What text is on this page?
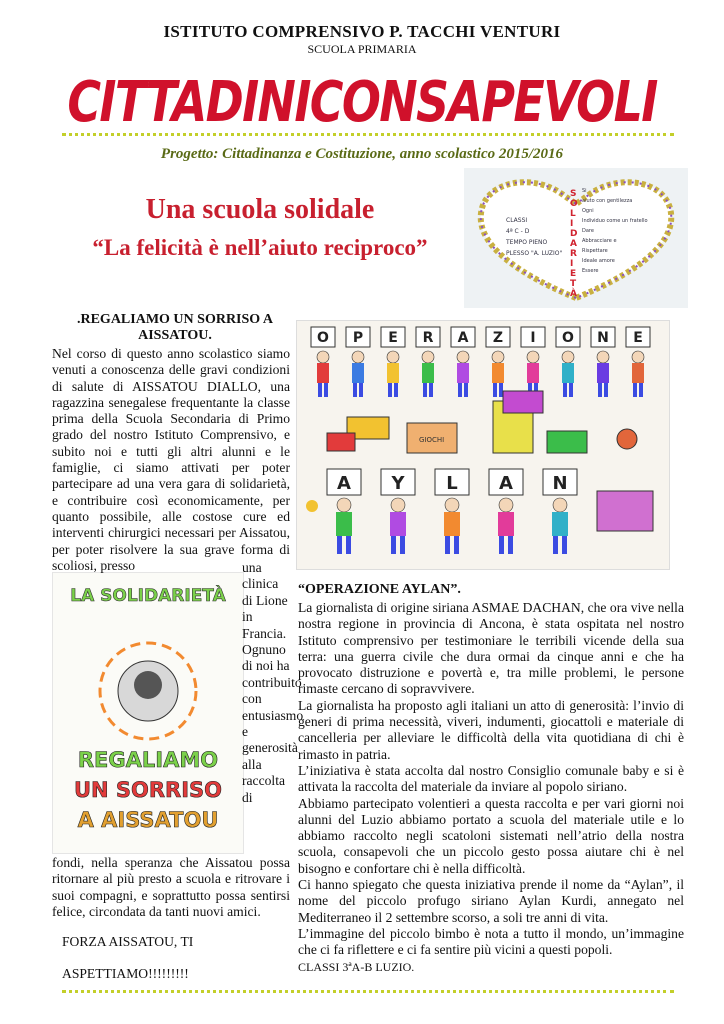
ISTITUTO COMPRENSIVO P. TACCHI VENTURI
SCUOLA PRIMARIA
CITTADINICONSAPEVOLI
Progetto: Cittadinanza e Costituzione, anno scolastico 2015/2016
Una scuola solidale
“La felicità è nell’aiuto reciproco”
CLASSI
4ª C - D
TEMPO PIENO
PLESSO "A. LUZIO"
S
O
L
I
D
A
R
I
E
T
À
Si
aiuto con gentilezza
Ogni
Individuo come un fratello
Dare
Abbracciare e
Rispettare
Ideale amore
Essere
O P E R A Z I O N E
GIOCHI
A Y L A N
LA SOLIDARIETÀ
REGALIAMO
UN SORRISO
A AISSATOU
.REGALIAMO UN SORRISO A AISSATOU.
Nel corso di questo anno scolastico siamo venuti a conoscenza delle gravi condizioni di salute di AISSATOU DIALLO, una ragazzina senegalese frequentante la classe prima della Scuola Secondaria di Primo grado del nostro Istituto Comprensivo, e subito noi e tutti gli altri alunni e le famiglie, ci siamo attivati per poter partecipare ad una vera gara di solidarietà, e contribuire così economicamente, per quanto possibile, alle costose cure ed interventi chirurgici necessari per Aissatou, per poter risolvere la sua grave forma di scoliosi, presso	una clinica di Lione in Francia. Ognuno di noi ha contribuito con entusiasmo e generosità alla raccolta di
fondi, nella speranza che Aissatou possa ritornare al più presto a scuola e ritrovare i suoi compagni, e soprattutto possa sentirsi felice, circondata da tanti nuovi amici.
FORZA AISSATOU, TI
ASPETTIAMO!!!!!!!!!
“OPERAZIONE AYLAN”.

La giornalista di origine siriana ASMAE DACHAN, che ora vive nella nostra regione in provincia di Ancona, è stata ospitata nel nostro Istituto comprensivo per testimoniare le terribili vicende della sua terra: una guerra civile che dura ormai da cinque anni e che ha provocato distruzione e povertà e, tra mille problemi, le persone rimaste cercano di sopravvivere.

La giornalista ha proposto agli italiani un atto di generosità: l’invio di generi di prima necessità, viveri, indumenti, giocattoli e materiale di cancelleria per alleviare le difficoltà della vita quotidiana di chi è rimasto in patria.

L’iniziativa è stata accolta dal nostro Consiglio comunale baby e si è attivata la raccolta del materiale da inviare al popolo siriano.

Abbiamo partecipato volentieri a questa raccolta e per vari giorni noi alunni del Luzio abbiamo portato a scuola del materiale utile e lo abbiamo raccolto negli scatoloni sistemati nell’atrio della nostra scuola, consapevoli che un piccolo gesto possa aiutare chi è nel bisogno e confortare chi è nella difficoltà.

Ci hanno spiegato che questa iniziativa prende il nome da “Aylan”, il nome del piccolo profugo siriano Aylan Kurdi, annegato nel Mediterraneo il 2 settembre scorso, a soli tre anni di vita.

L’immagine del piccolo bimbo è nota a tutto il mondo, un’immagine che ci fa riflettere e ci fa sentire più vicini a questi popoli.

CLASSI 3ªA-B LUZIO.
